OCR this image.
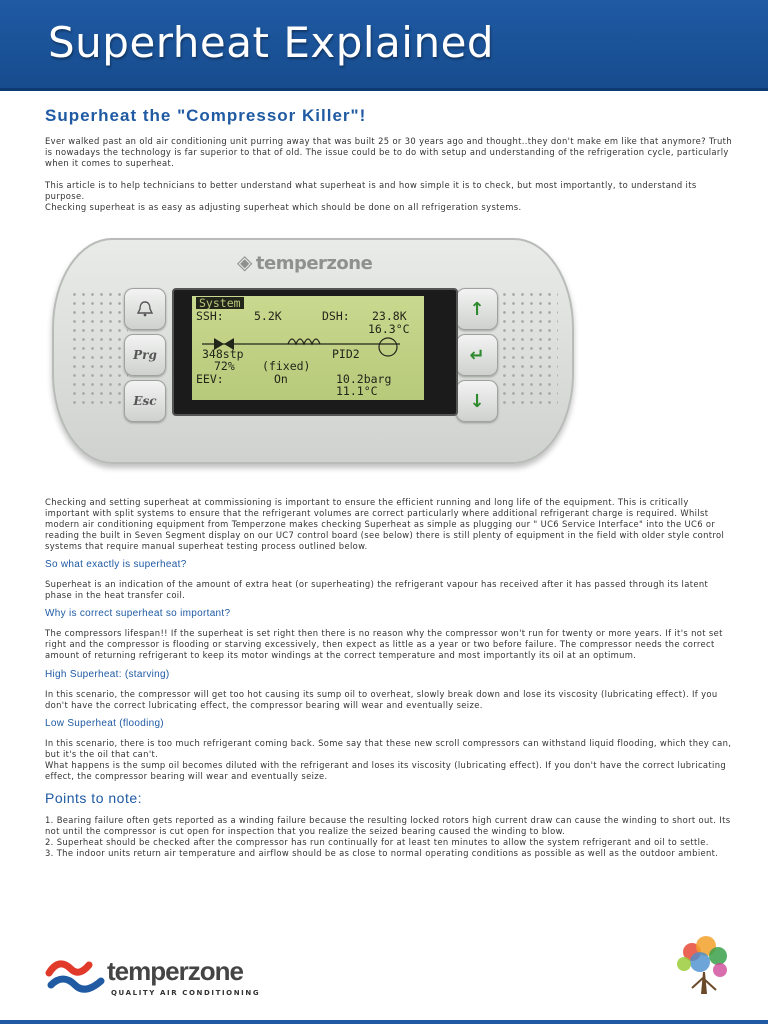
Superheat Explained
Superheat the "Compressor Killer"!

Ever walked past an old air conditioning unit purring away that was built 25 or 30 years ago and thought..they don't make em like that anymore? Truth is nowadays the technology is far superior to that of old. The issue could be to do with setup and understanding of the refrigeration cycle, particularly when it comes to superheat.

This article is to help technicians to better understand what superheat is and how simple it is to check, but most importantly, to understand its purpose.

Checking superheat is as easy as adjusting superheat which should be done on all refrigeration systems.

Checking and setting superheat at commissioning is important to ensure the efficient running and long life of the equipment. This is critically important with split systems to ensure that the refrigerant volumes are correct particularly where additional refrigerant charge is required. Whilst modern air conditioning equipment from Temperzone makes checking Superheat as simple as plugging our " UC6 Service Interface" into the UC6 or reading the built in Seven Segment display on our UC7 control board (see below) there is still plenty of equipment in the field with older style control systems that require manual superheat testing process outlined below.

So what exactly is superheat?

Superheat is an indication of the amount of extra heat (or superheating) the refrigerant vapour has received after it has passed through its latent phase in the heat transfer coil.

Why is correct superheat so important?

The compressors lifespan!! If the superheat is set right then there is no reason why the compressor won't run for twenty or more years. If it's not set right and the compressor is flooding or starving excessively, then expect as little as a year or two before failure. The compressor needs the correct amount of returning refrigerant to keep its motor windings at the correct temperature and most importantly its oil at an optimum.

High Superheat: (starving)

In this scenario, the compressor will get too hot causing its sump oil to overheat, slowly break down and lose its viscosity (lubricating effect). If you don't have the correct lubricating effect, the compressor bearing will wear and eventually seize.

Low Superheat (flooding)

In this scenario, there is too much refrigerant coming back. Some say that these new scroll compressors can withstand liquid flooding, which they can, but it's the oil that can't.

What happens is the sump oil becomes diluted with the refrigerant and loses its viscosity (lubricating effect). If you don't have the correct lubricating effect, the compressor bearing will wear and eventually seize.

Points to note:

1. Bearing failure often gets reported as a winding failure because the resulting locked rotors high current draw can cause the winding to short out. Its not until the compressor is cut open for inspection that you realize the seized bearing caused the winding to blow.

2. Superheat should be checked after the compressor has run continually for at least ten minutes to allow the system refrigerant and oil to settle.

3. The indoor units return air temperature and airflow should be as close to normal operating conditions as possible as well as the outdoor ambient.

◈ temperzone
Prg
Esc
↑
↵
↓
System
SSH:	5.2K	DSH: 23.8K
16.3°C
348stp	PID2
72% (fixed)
EEV:	On	10.2barg
11.1°C
temperzone
QUALITY AIR CONDITIONING
